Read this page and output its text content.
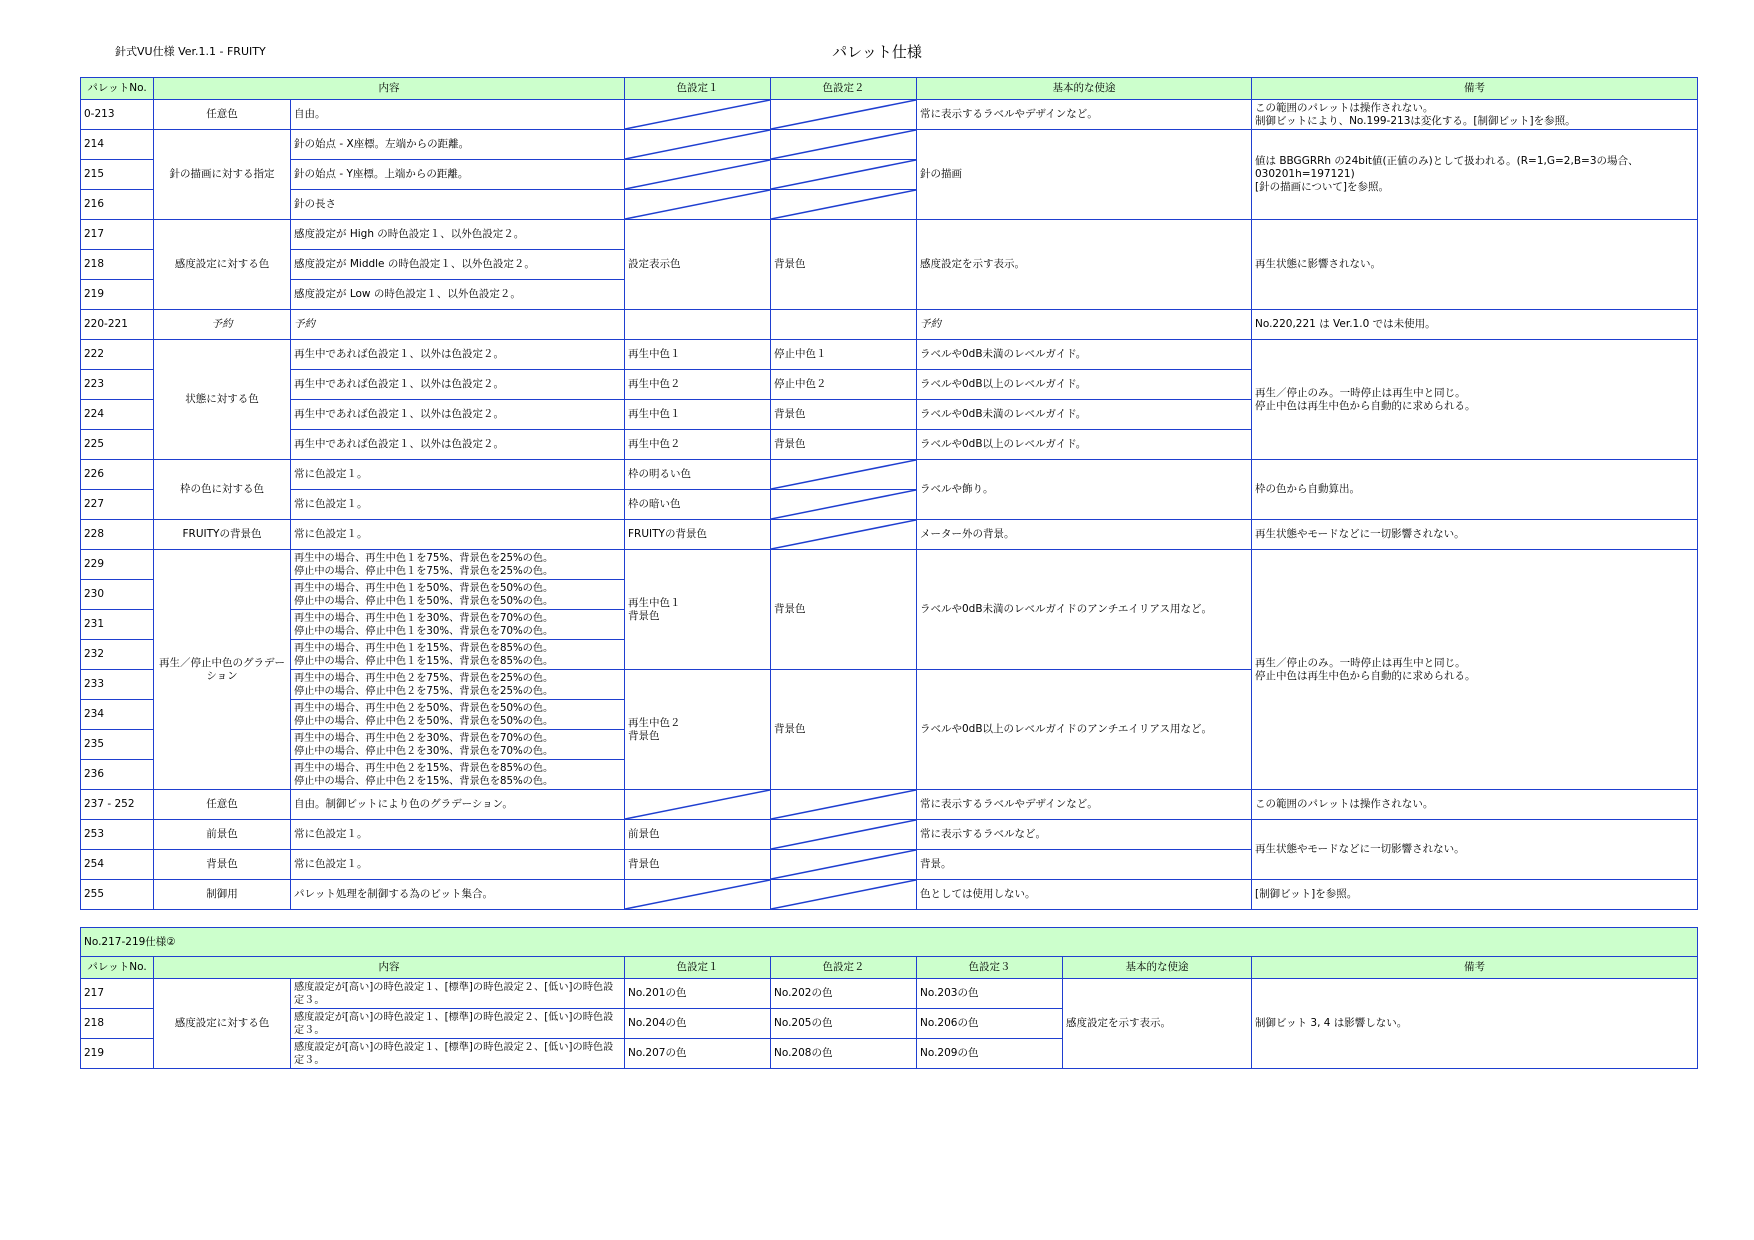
針式VU仕様 Ver.1.1 - FRUITY	パレット仕様
パレットNo.	内容		色設定１	色設定２	基本的な使途	備考
0-213	任意色	自由。			常に表示するラベルやデザインなど。	この範囲のパレットは操作されない。
制御ビットにより、No.199-213は変化する。[制御ビット]を参照。
214	針の描画に対する指定	針の始点 - X座標。左端からの距離。			針の描画	値は BBGGRRh の24bit値(正値のみ)として扱われる。(R=1,G=2,B=3の場合、030201h=197121)
[針の描画について]を参照。
215		針の始点 - Y座標。上端からの距離。	

216		針の長さ	

217	感度設定に対する色	感度設定が High の時色設定１、以外色設定２。	設定表示色	背景色	感度設定を示す表示。	再生状態に影響されない。
218		感度設定が Middle の時色設定１、以外色設定２。				
219		感度設定が Low の時色設定１、以外色設定２。				
220-221	予約	予約			予約	No.220,221 は Ver.1.0 では未使用。
222	状態に対する色	再生中であれば色設定１、以外は色設定２。	再生中色１	停止中色１	ラベルや0dB未満のレベルガイド。	再生／停止のみ。一時停止は再生中と同じ。
停止中色は再生中色から自動的に求められる。
223		再生中であれば色設定１、以外は色設定２。	再生中色２	停止中色２	ラベルや0dB以上のレベルガイド。	
224		再生中であれば色設定１、以外は色設定２。	再生中色１	背景色	ラベルや0dB未満のレベルガイド。	
225		再生中であれば色設定１、以外は色設定２。	再生中色２	背景色	ラベルや0dB以上のレベルガイド。	
226	枠の色に対する色	常に色設定１。	枠の明るい色		ラベルや飾り。	枠の色から自動算出。
227		常に色設定１。	枠の暗い色	

228	FRUITYの背景色	常に色設定１。	FRUITYの背景色		メーター外の背景。	再生状態やモードなどに一切影響されない。
229	再生／停止中色のグラデーション	再生中の場合、再生中色１を75%、背景色を25%の色。
停止中の場合、停止中色１を75%、背景色を25%の色。	再生中色１
背景色	背景色	ラベルや0dB未満のレベルガイドのアンチエイリアス用など。	再生／停止のみ。一時停止は再生中と同じ。
停止中色は再生中色から自動的に求められる。
230		再生中の場合、再生中色１を50%、背景色を50%の色。
停止中の場合、停止中色１を50%、背景色を50%の色。				
231		再生中の場合、再生中色１を30%、背景色を70%の色。
停止中の場合、停止中色１を30%、背景色を70%の色。				
232		再生中の場合、再生中色１を15%、背景色を85%の色。
停止中の場合、停止中色１を15%、背景色を85%の色。				
233		再生中の場合、再生中色２を75%、背景色を25%の色。
停止中の場合、停止中色２を75%、背景色を25%の色。	再生中色２
背景色	背景色	ラベルや0dB以上のレベルガイドのアンチエイリアス用など。	
234		再生中の場合、再生中色２を50%、背景色を50%の色。
停止中の場合、停止中色２を50%、背景色を50%の色。				
235		再生中の場合、再生中色２を30%、背景色を70%の色。
停止中の場合、停止中色２を30%、背景色を70%の色。				
236		再生中の場合、再生中色２を15%、背景色を85%の色。
停止中の場合、停止中色２を15%、背景色を85%の色。				
237 - 252	任意色	自由。制御ビットにより色のグラデーション。			常に表示するラベルやデザインなど。	この範囲のパレットは操作されない。
253	前景色	常に色設定１。	前景色		常に表示するラベルなど。	再生状態やモードなどに一切影響されない。
254	背景色	常に色設定１。	背景色		背景。	
255	制御用	パレット処理を制御する為のビット集合。			色としては使用しない。	[制御ビット]を参照。
No.217-219仕様②							
パレットNo.	内容		色設定１	色設定２	色設定３	基本的な使途	備考
217	感度設定に対する色	感度設定が[高い]の時色設定１、[標準]の時色設定２、[低い]の時色設定３。	No.201の色	No.202の色	No.203の色	感度設定を示す表示。	制御ビット 3, 4 は影響しない。
218		感度設定が[高い]の時色設定１、[標準]の時色設定２、[低い]の時色設定３。	No.204の色	No.205の色	No.206の色		
219		感度設定が[高い]の時色設定１、[標準]の時色設定２、[低い]の時色設定３。	No.207の色	No.208の色	No.209の色		
